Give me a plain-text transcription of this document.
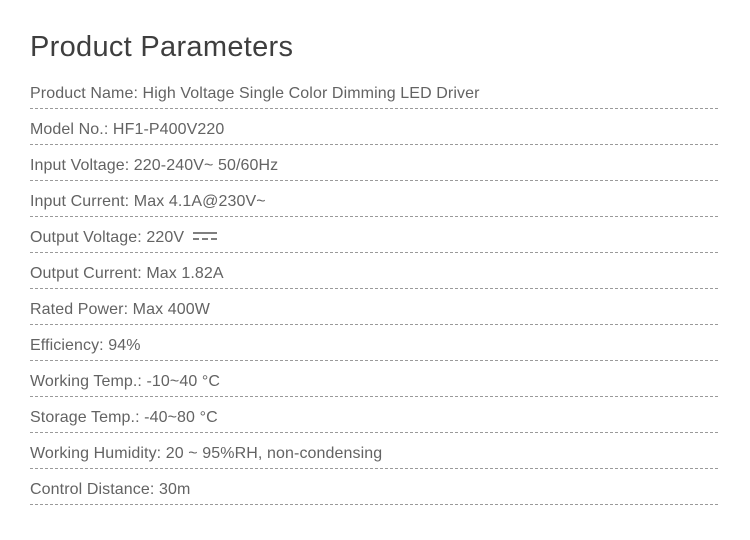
Product Parameters
Product Name: High Voltage Single Color Dimming LED Driver
Model No.: HF1-P400V220
Input Voltage: 220-240V~ 50/60Hz
Input Current: Max 4.1A@230V~
Output Voltage: 220V
Output Current: Max 1.82A
Rated Power: Max 400W
Efficiency: 94%
Working Temp.: -10~40 °C
Storage Temp.: -40~80 °C
Working Humidity: 20 ~ 95%RH, non-condensing
Control Distance: 30m
